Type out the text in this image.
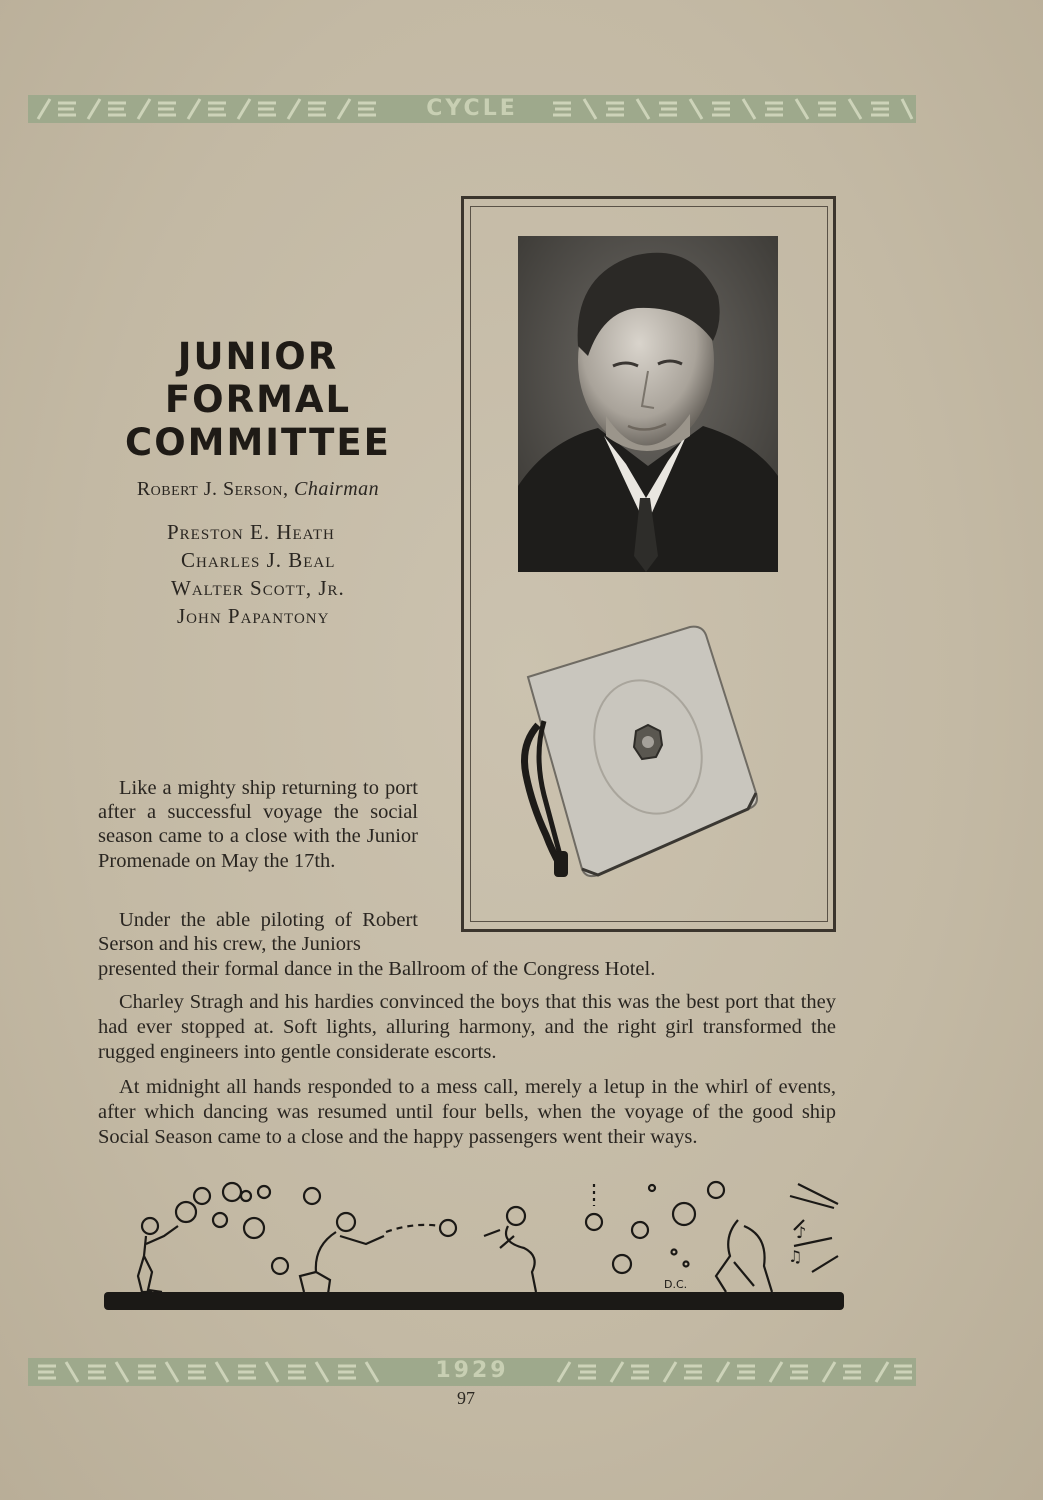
CYCLE

JUNIOR

FORMAL

COMMITTEE

Robert J. Serson, Chairman
Preston E. Heath
Charles J. Beal
Walter Scott, Jr.
John Papantony

Like a mighty ship returning to port after a successful voyage the social season came to a close with the Junior Promenade on May the 17th.

Under the able piloting of Robert Serson and his crew, the Juniors

presented their formal dance in the Ballroom of the Congress Hotel.

Charley Stragh and his hardies convinced the boys that this was the best port that they had ever stopped at. Soft lights, alluring harmony, and the right girl transformed the rugged engineers into gentle considerate escorts.

At midnight all hands responded to a mess call, merely a letup in the whirl of events, after which dancing was resumed until four bells, when the voyage of the good ship Social Season came to a close and the happy passengers went their ways.

♪
♫
D.C.
1929
97
